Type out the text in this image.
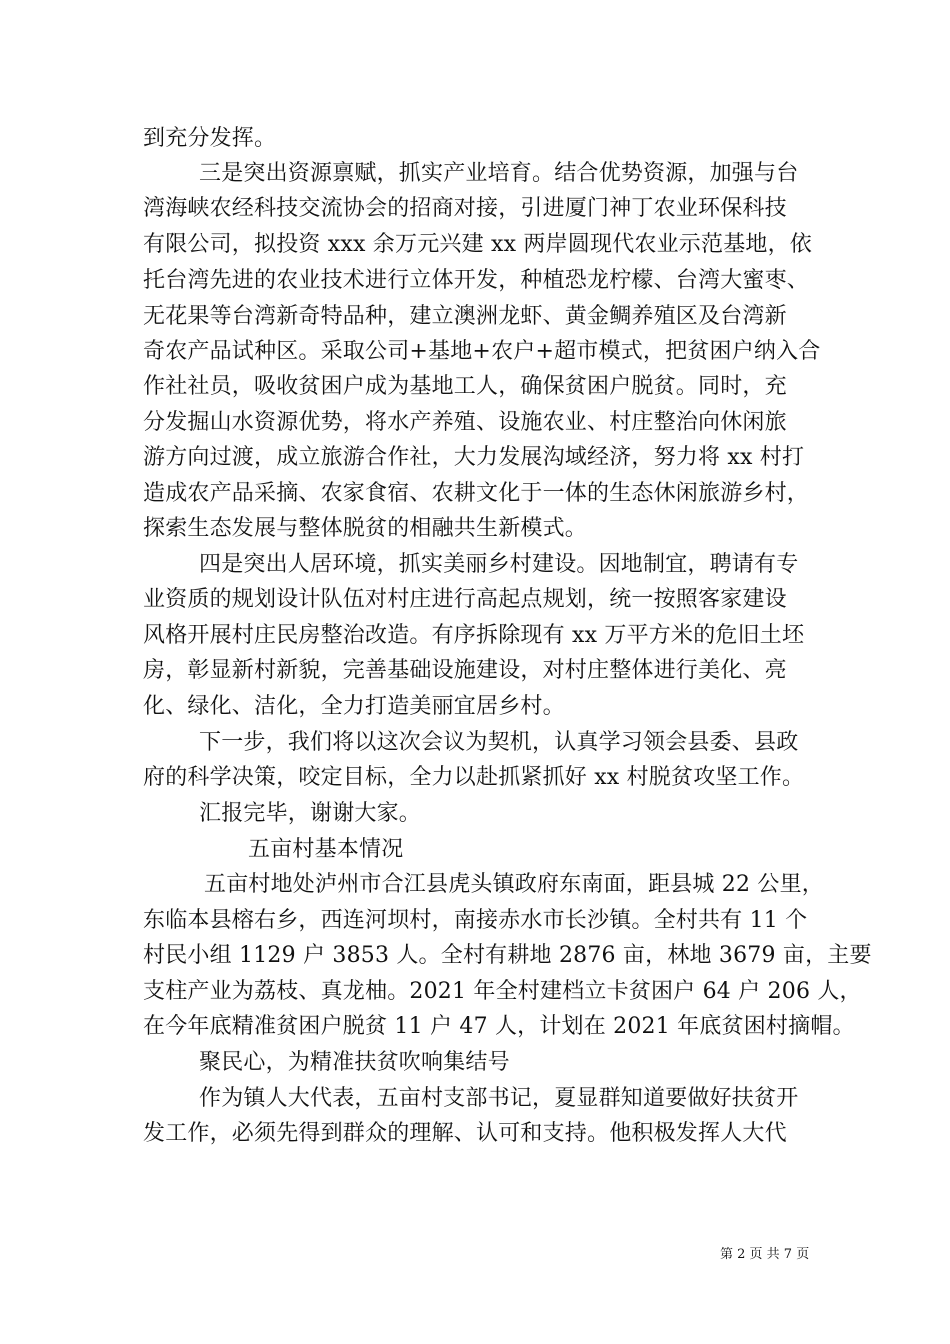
到充分发挥。
三是突出资源禀赋，抓实产业培育。结合优势资源，加强与台
湾海峡农经科技交流协会的招商对接，引进厦门神丁农业环保科技
有限公司，拟投资 xxx 余万元兴建 xx 两岸圆现代农业示范基地，依
托台湾先进的农业技术进行立体开发，种植恐龙柠檬、台湾大蜜枣、
无花果等台湾新奇特品种，建立澳洲龙虾、黄金鲷养殖区及台湾新
奇农产品试种区。采取公司+基地+农户+超市模式，把贫困户纳入合
作社社员，吸收贫困户成为基地工人，确保贫困户脱贫。同时，充
分发掘山水资源优势，将水产养殖、设施农业、村庄整治向休闲旅
游方向过渡，成立旅游合作社，大力发展沟域经济，努力将 xx 村打
造成农产品采摘、农家食宿、农耕文化于一体的生态休闲旅游乡村，
探索生态发展与整体脱贫的相融共生新模式。
四是突出人居环境，抓实美丽乡村建设。因地制宜，聘请有专
业资质的规划设计队伍对村庄进行高起点规划，统一按照客家建设
风格开展村庄民房整治改造。有序拆除现有 xx 万平方米的危旧土坯
房，彰显新村新貌，完善基础设施建设，对村庄整体进行美化、亮
化、绿化、洁化，全力打造美丽宜居乡村。
下一步，我们将以这次会议为契机，认真学习领会县委、县政
府的科学决策，咬定目标，全力以赴抓紧抓好 xx 村脱贫攻坚工作。
汇报完毕，谢谢大家。
五亩村基本情况
五亩村地处泸州市合江县虎头镇政府东南面，距县城 22 公里，
东临本县榕右乡，西连河坝村，南接赤水市长沙镇。全村共有 11 个
村民小组 1129 户 3853 人。全村有耕地 2876 亩，林地 3679 亩，主要
支柱产业为荔枝、真龙柚。2021 年全村建档立卡贫困户 64 户 206 人，
在今年底精准贫困户脱贫 11 户 47 人，计划在 2021 年底贫困村摘帽。
聚民心，为精准扶贫吹响集结号
作为镇人大代表，五亩村支部书记，夏显群知道要做好扶贫开
发工作，必须先得到群众的理解、认可和支持。他积极发挥人大代
第 2 页 共 7 页
